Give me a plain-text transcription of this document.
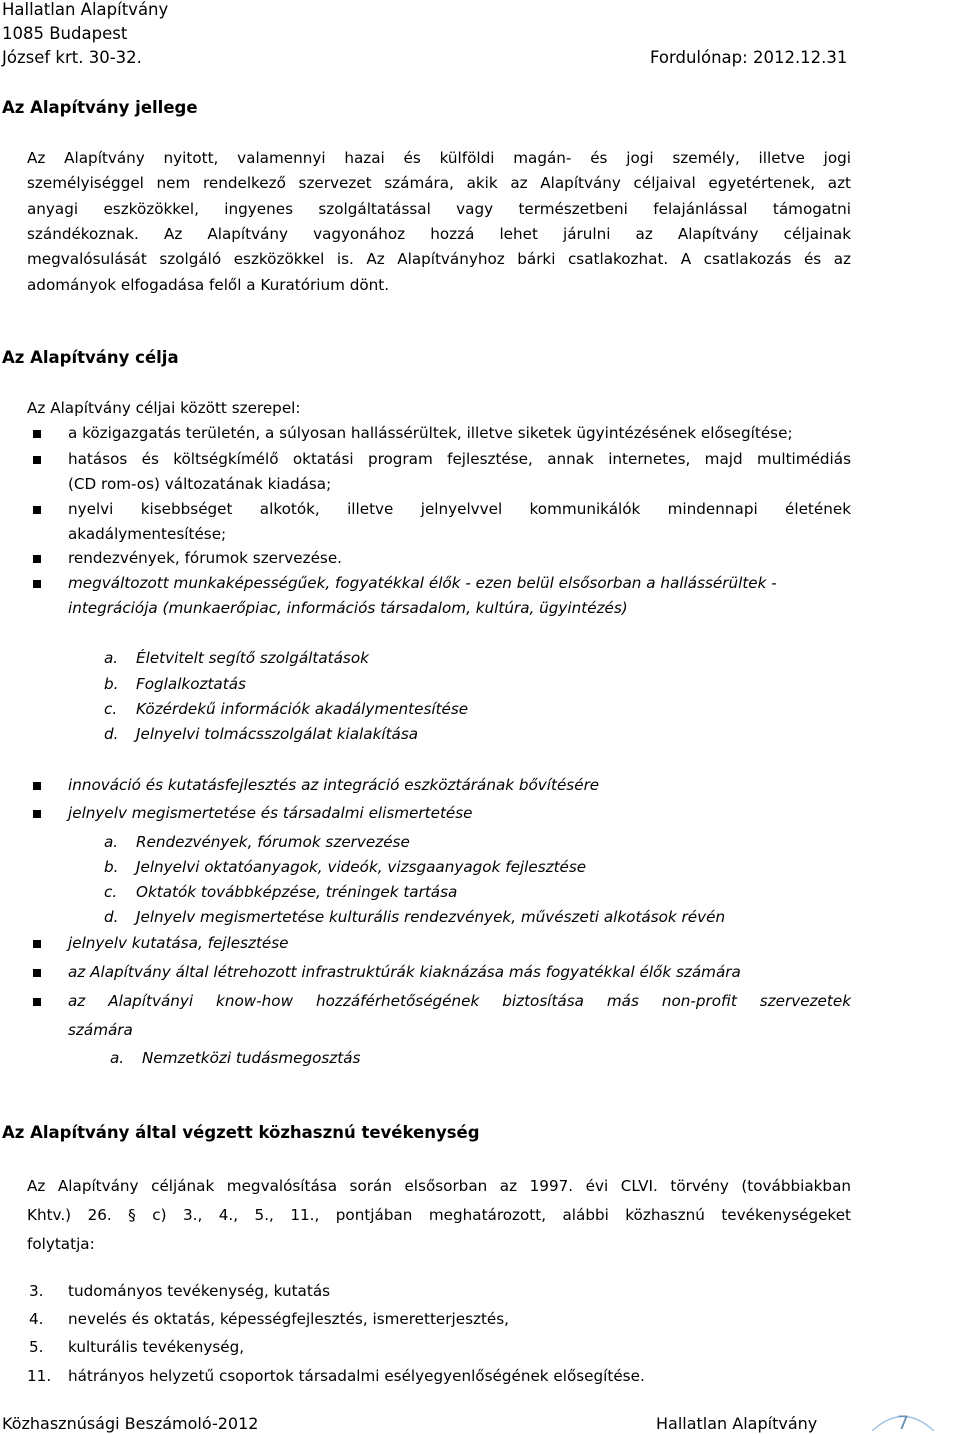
Hallatlan Alapítvány
1085 Budapest
József krt. 30-32.	Fordulónap: 2012.12.31
Az Alapítvány jellege
Az Alapítvány nyitott, valamennyi hazai és külföldi magán- és jogi személy, illetve jogi
személyiséggel nem rendelkező szervezet számára, akik az Alapítvány céljaival egyetértenek, azt
anyagi eszközökkel, ingyenes szolgáltatással vagy természetbeni felajánlással támogatni
szándékoznak. Az Alapítvány vagyonához hozzá lehet járulni az Alapítvány céljainak
megvalósulását szolgáló eszközökkel is. Az Alapítványhoz bárki csatlakozhat. A csatlakozás és az
adományok elfogadása felől a Kuratórium dönt.
Az Alapítvány célja
Az Alapítvány céljai között szerepel:
a közigazgatás területén, a súlyosan hallássérültek, illetve siketek ügyintézésének elősegítése;
hatásos és költségkímélő oktatási program fejlesztése, annak internetes, majd multimédiás
(CD rom-os) változatának kiadása;
nyelvi kisebbséget alkotók, illetve jelnyelvvel kommunikálók mindennapi életének
akadálymentesítése;
rendezvények, fórumok szervezése.
megváltozott munkaképességűek, fogyatékkal élők - ezen belül elsősorban a hallássérültek -
integrációja (munkaerőpiac, információs társadalom, kultúra, ügyintézés)
a. Életvitelt segítő szolgáltatások
b. Foglalkoztatás
c. Közérdekű információk akadálymentesítése
d. Jelnyelvi tolmácsszolgálat kialakítása
innováció és kutatásfejlesztés az integráció eszköztárának bővítésére
jelnyelv megismertetése és társadalmi elismertetése
a. Rendezvények, fórumok szervezése
b. Jelnyelvi oktatóanyagok, videók, vizsgaanyagok fejlesztése
c. Oktatók továbbképzése, tréningek tartása
d. Jelnyelv megismertetése kulturális rendezvények, művészeti alkotások révén
jelnyelv kutatása, fejlesztése
az Alapítvány által létrehozott infrastruktúrák kiaknázása más fogyatékkal élők számára
az Alapítványi know-how hozzáférhetőségének biztosítása más non-profit szervezetek
számára
a. Nemzetközi tudásmegosztás
Az Alapítvány által végzett közhasznú tevékenység
Az Alapítvány céljának megvalósítása során elsősorban az 1997. évi CLVI. törvény (továbbiakban
Khtv.) 26. § c) 3., 4., 5., 11., pontjában meghatározott, alábbi közhasznú tevékenységeket
folytatja:
3. tudományos tevékenység, kutatás
4. nevelés és oktatás, képességfejlesztés, ismeretterjesztés,
5. kulturális tevékenység,
11. hátrányos helyzetű csoportok társadalmi esélyegyenlőségének elősegítése.
Közhasznúsági Beszámoló-2012	Hallatlan Alapítvány	7
